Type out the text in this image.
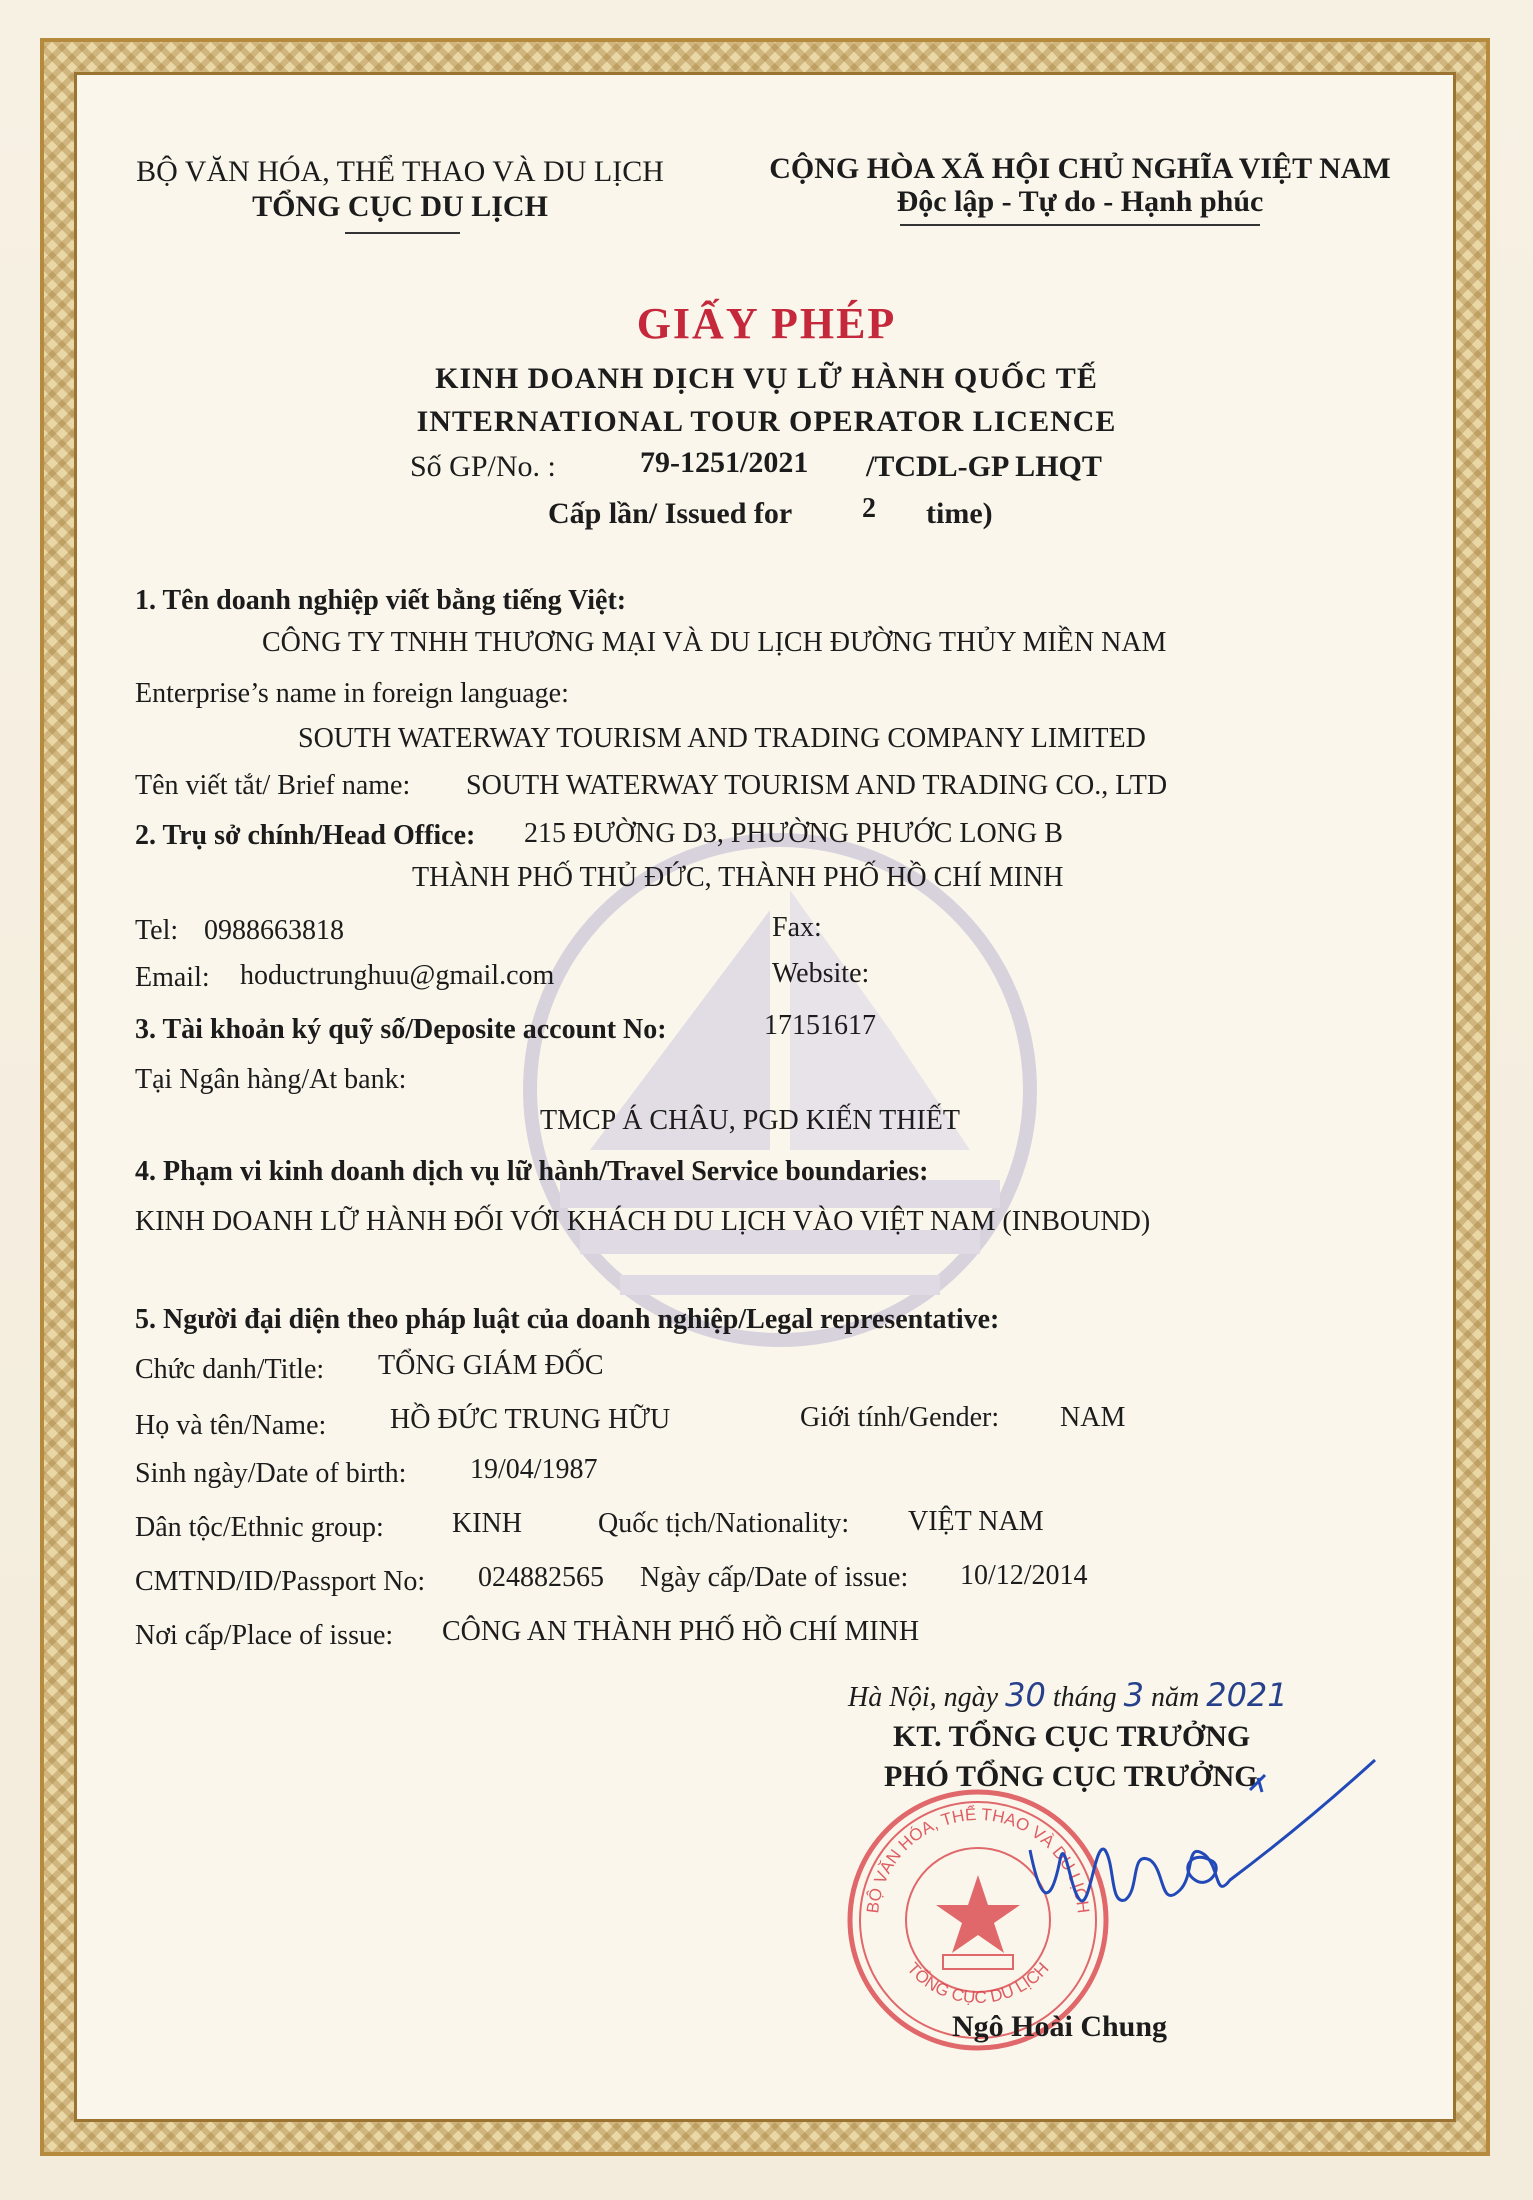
BỘ VĂN HÓA, THỂ THAO VÀ DU LỊCH
TỔNG CỤC DU LỊCH
CỘNG HÒA XÃ HỘI CHỦ NGHĨA VIỆT NAM
Độc lập - Tự do - Hạnh phúc
GIẤY PHÉP
KINH DOANH DỊCH VỤ LỮ HÀNH QUỐC TẾ
INTERNATIONAL TOUR OPERATOR LICENCE
Số GP/No. :	79-1251/2021 /TCDL-GP LHQT
Cấp lần/ Issued for 2 time)
1. Tên doanh nghiệp viết bằng tiếng Việt:
CÔNG TY TNHH THƯƠNG MẠI VÀ DU LỊCH ĐƯỜNG THỦY MIỀN NAM
Enterprise’s name in foreign language:
SOUTH WATERWAY TOURISM AND TRADING COMPANY LIMITED
Tên viết tắt/ Brief name: SOUTH WATERWAY TOURISM AND TRADING CO., LTD
2. Trụ sở chính/Head Office: 215 ĐƯỜNG D3, PHƯỜNG PHƯỚC LONG B
THÀNH PHỐ THỦ ĐỨC, THÀNH PHỐ HỒ CHÍ MINH
Tel: 0988663818	Fax:
Email: hoductrunghuu@gmail.com	Website:
3. Tài khoản ký quỹ số/Deposite account No:	17151617
Tại Ngân hàng/At bank:
TMCP Á CHÂU, PGD KIẾN THIẾT
4. Phạm vi kinh doanh dịch vụ lữ hành/Travel Service boundaries:
KINH DOANH LỮ HÀNH ĐỐI VỚI KHÁCH DU LỊCH VÀO VIỆT NAM (INBOUND)
5. Người đại diện theo pháp luật của doanh nghiệp/Legal representative:
Chức danh/Title: TỔNG GIÁM ĐỐC
Họ và tên/Name: HỒ ĐỨC TRUNG HỮU	Giới tính/Gender: NAM
Sinh ngày/Date of birth: 19/04/1987
Dân tộc/Ethnic group: KINH	Quốc tịch/Nationality: VIỆT NAM
CMTND/ID/Passport No: 024882565 Ngày cấp/Date of issue: 10/12/2014
Nơi cấp/Place of issue: CÔNG AN THÀNH PHỐ HỒ CHÍ MINH
Hà Nội, ngày 30 tháng 3 năm 2021
KT. TỔNG CỤC TRƯỞNG
PHÓ TỔNG CỤC TRƯỞNG
BỘ VĂN HÓA, THỂ THAO VÀ DU LỊCH
TỔNG CỤC DU LỊCH
Ngô Hoài Chung
